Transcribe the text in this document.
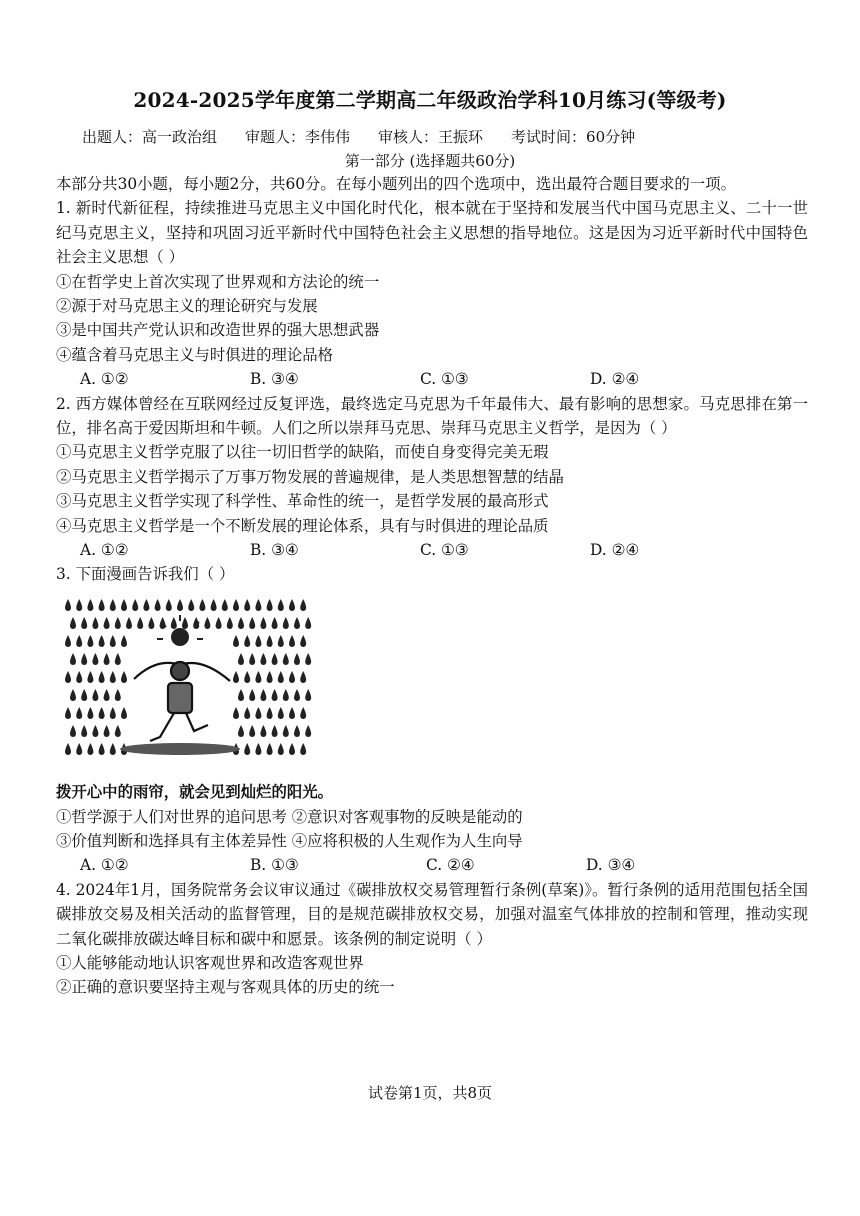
2024-2025学年度第二学期高二年级政治学科10月练习(等级考)
出题人：高一政治组 审题人：李伟伟 审核人：王振环 考试时间：60分钟
第一部分 (选择题共60分)
本部分共30小题，每小题2分，共60分。在每小题列出的四个选项中，选出最符合题目要求的一项。
1. 新时代新征程，持续推进马克思主义中国化时代化，根本就在于坚持和发展当代中国马克思主义、二十一世纪马克思主义，坚持和巩固习近平新时代中国特色社会主义思想的指导地位。这是因为习近平新时代中国特色社会主义思想（ ）
①在哲学史上首次实现了世界观和方法论的统一
②源于对马克思主义的理论研究与发展
③是中国共产党认识和改造世界的强大思想武器
④蕴含着马克思主义与时俱进的理论品格
A. ①②	B. ③④	C. ①③	D. ②④
2. 西方媒体曾经在互联网经过反复评选，最终选定马克思为千年最伟大、最有影响的思想家。马克思排在第一位，排名高于爱因斯坦和牛顿。人们之所以崇拜马克思、崇拜马克思主义哲学，是因为（ ）
①马克思主义哲学克服了以往一切旧哲学的缺陷，而使自身变得完美无瑕
②马克思主义哲学揭示了万事万物发展的普遍规律，是人类思想智慧的结晶
③马克思主义哲学实现了科学性、革命性的统一，是哲学发展的最高形式
④马克思主义哲学是一个不断发展的理论体系，具有与时俱进的理论品质
A. ①②	B. ③④	C. ①③	D. ②④
3. 下面漫画告诉我们（ ）
拨开心中的雨帘，就会见到灿烂的阳光。
①哲学源于人们对世界的追问思考 ②意识对客观事物的反映是能动的
③价值判断和选择具有主体差异性 ④应将积极的人生观作为人生向导
A. ①②	B. ①③	C. ②④	D. ③④
4. 2024年1月，国务院常务会议审议通过《碳排放权交易管理暂行条例(草案)》。暂行条例的适用范围包括全国碳排放交易及相关活动的监督管理，目的是规范碳排放权交易，加强对温室气体排放的控制和管理，推动实现二氧化碳排放碳达峰目标和碳中和愿景。该条例的制定说明（ ）
①人能够能动地认识客观世界和改造客观世界
②正确的意识要坚持主观与客观具体的历史的统一
试卷第1页，共8页
